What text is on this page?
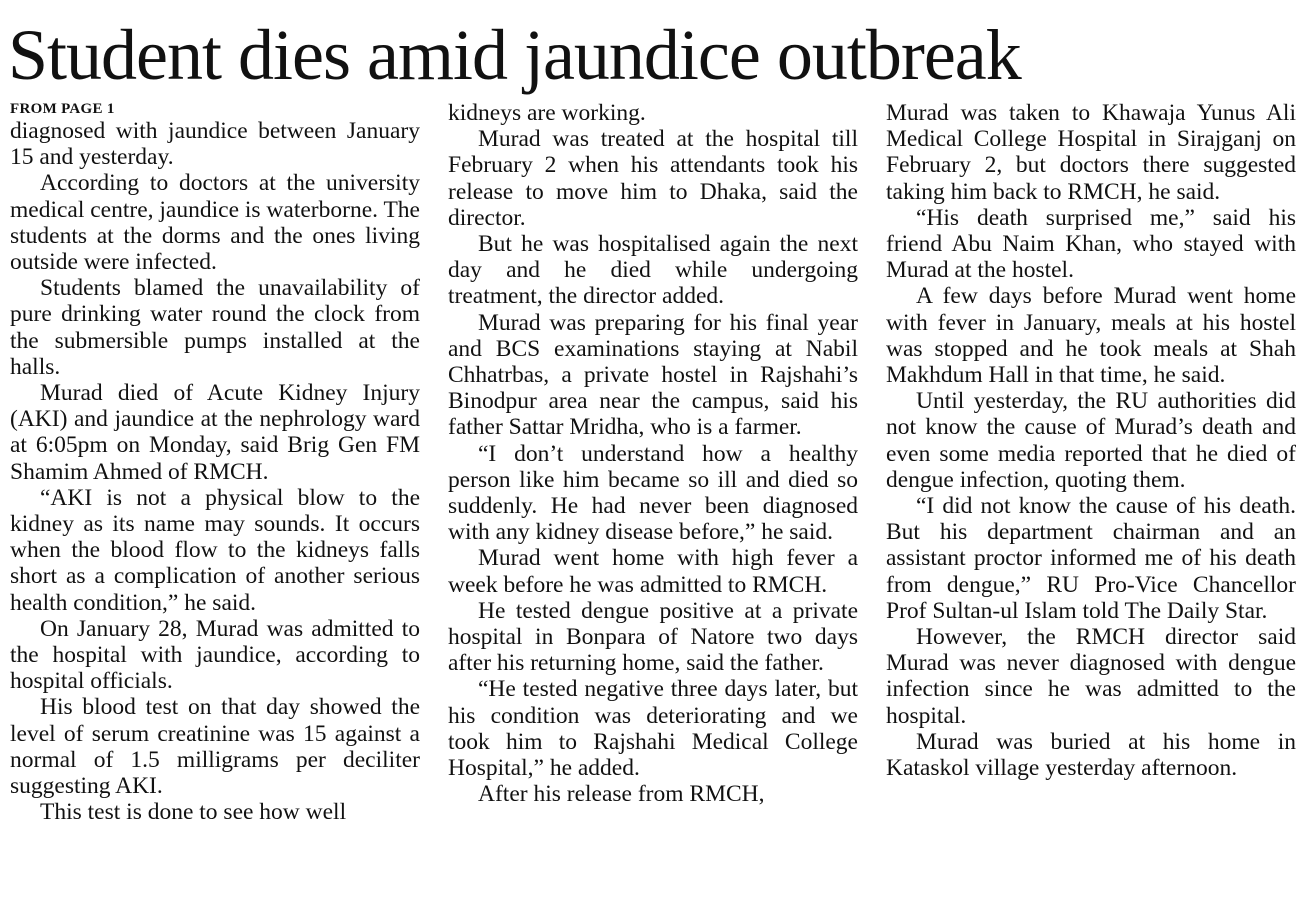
Student dies amid jaundice outbreak
FROM PAGE 1

diagnosed with jaundice between January 15 and yesterday.

According to doctors at the university medical centre, jaundice is waterborne. The students at the dorms and the ones living outside were infected.

Students blamed the unavailability of pure drinking water round the clock from the submersible pumps installed at the halls.

Murad died of Acute Kidney Injury (AKI) and jaundice at the nephrology ward at 6:05pm on Monday, said Brig Gen FM Shamim Ahmed of RMCH.

“AKI is not a physical blow to the kidney as its name may sounds. It occurs when the blood flow to the kidneys falls short as a complication of another serious health condition,” he said.

On January 28, Murad was admitted to the hospital with jaundice, according to hospital officials.

His blood test on that day showed the level of serum creatinine was 15 against a normal of 1.5 milligrams per deciliter suggesting AKI.

This test is done to see how well

kidneys are working.

Murad was treated at the hospital till February 2 when his attendants took his release to move him to Dhaka, said the director.

But he was hospitalised again the next day and he died while undergoing treatment, the director added.

Murad was preparing for his final year and BCS examinations staying at Nabil Chhatrbas, a private hostel in Rajshahi’s Binodpur area near the campus, said his father Sattar Mridha, who is a farmer.

“I don’t understand how a healthy person like him became so ill and died so suddenly. He had never been diagnosed with any kidney disease before,” he said.

Murad went home with high fever a week before he was admitted to RMCH.

He tested dengue positive at a private hospital in Bonpara of Natore two days after his returning home, said the father.

“He tested negative three days later, but his condition was deteriorating and we took him to Rajshahi Medical College Hospital,” he added.

After his release from RMCH,

Murad was taken to Khawaja Yunus Ali Medical College Hospital in Sirajganj on February 2, but doctors there suggested taking him back to RMCH, he said.

“His death surprised me,” said his friend Abu Naim Khan, who stayed with Murad at the hostel.

A few days before Murad went home with fever in January, meals at his hostel was stopped and he took meals at Shah Makhdum Hall in that time, he said.

Until yesterday, the RU authorities did not know the cause of Murad’s death and even some media reported that he died of dengue infection, quoting them.

“I did not know the cause of his death. But his department chairman and an assistant proctor informed me of his death from dengue,” RU Pro-Vice Chancellor Prof Sultan-ul Islam told The Daily Star.

However, the RMCH director said Murad was never diagnosed with dengue infection since he was admitted to the hospital.

Murad was buried at his home in Kataskol village yesterday afternoon.
